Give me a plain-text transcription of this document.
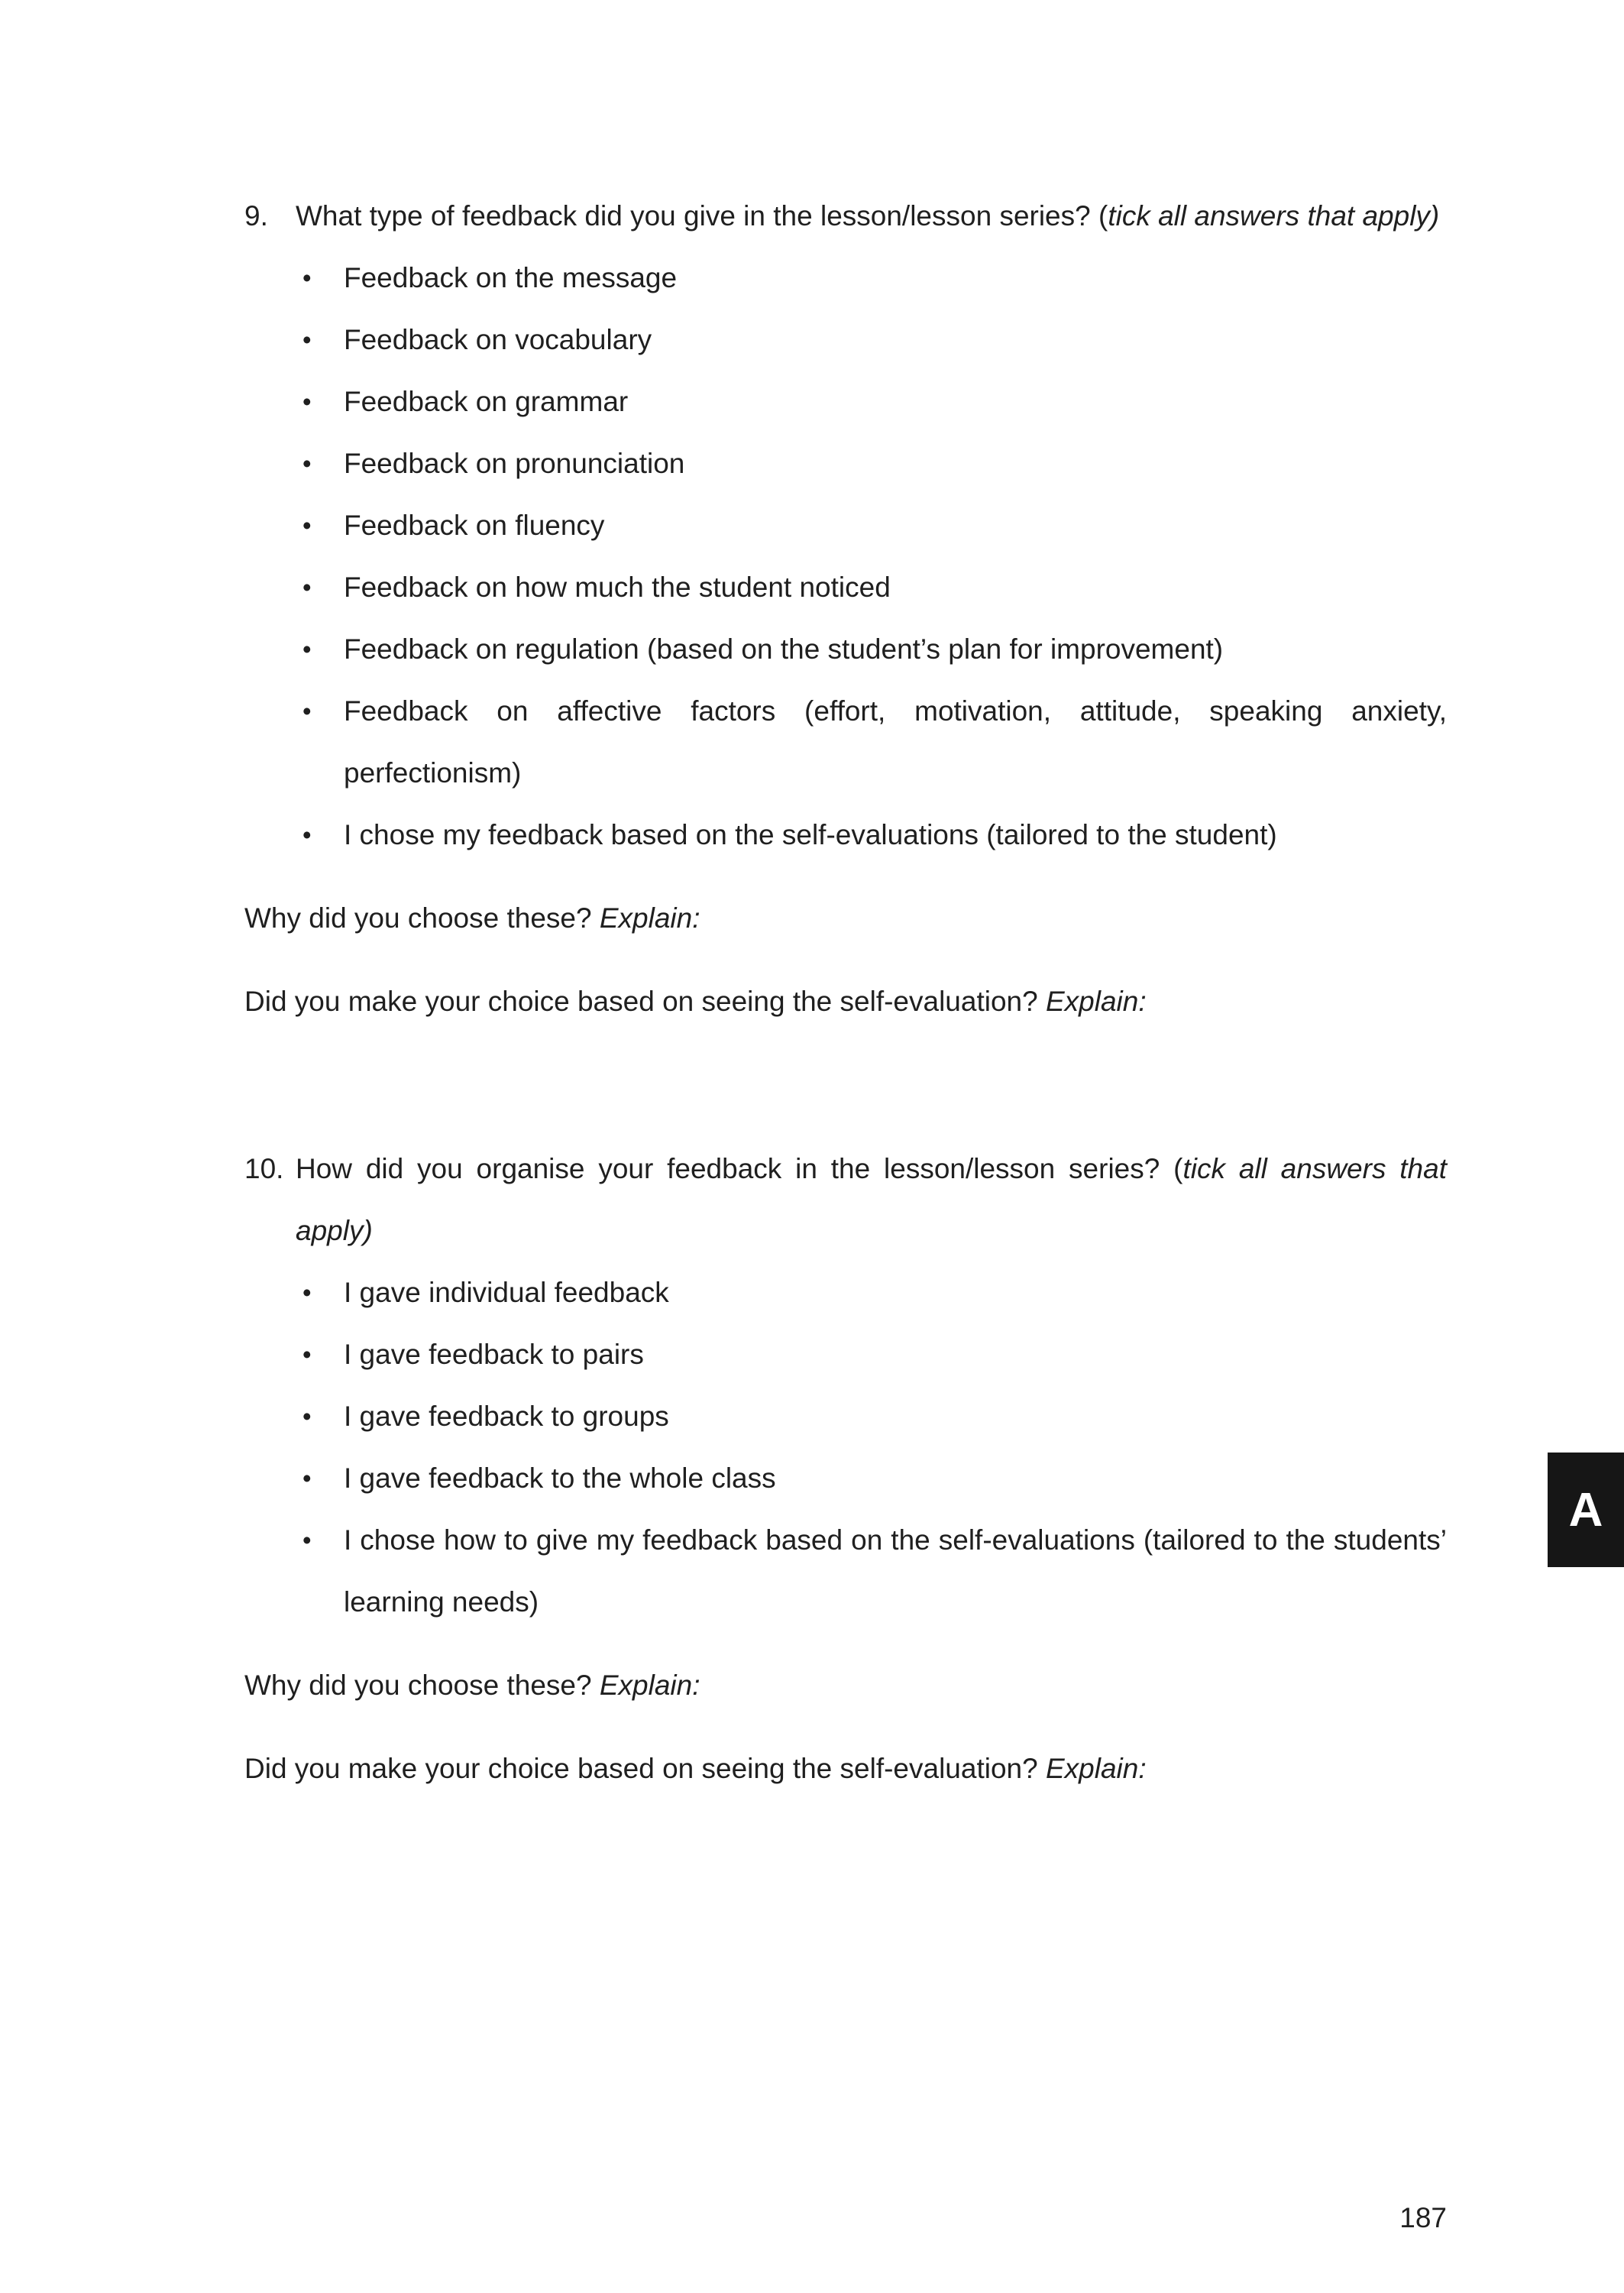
9. What type of feedback did you give in the lesson/lesson series? (tick all answers that apply)
• Feedback on the message
• Feedback on vocabulary
• Feedback on grammar
• Feedback on pronunciation
• Feedback on fluency
• Feedback on how much the student noticed
• Feedback on regulation (based on the student’s plan for improvement)
• Feedback on affective factors (effort, motivation, attitude, speaking anxiety, perfectionism)
• I chose my feedback based on the self-evaluations (tailored to the student)

Why did you choose these? Explain:

Did you make your choice based on seeing the self-evaluation? Explain:

10. How did you organise your feedback in the lesson/lesson series? (tick all answers that apply)
• I gave individual feedback
• I gave feedback to pairs
• I gave feedback to groups
• I gave feedback to the whole class
• I chose how to give my feedback based on the self-evaluations (tailored to the students’ learning needs)

Why did you choose these? Explain:

Did you make your choice based on seeing the self-evaluation? Explain:

A
187
